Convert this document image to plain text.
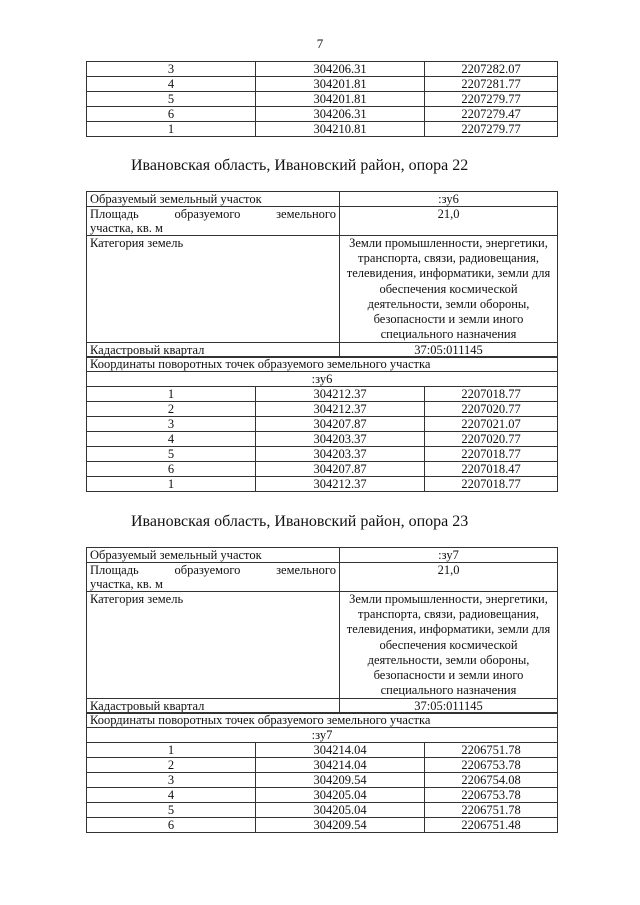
7
3	304206.31	2207282.07
4	304201.81	2207281.77
5	304201.81	2207279.77
6	304206.31	2207279.47
1	304210.81	2207279.77
Ивановская область, Ивановский район, опора 22
Образуемый земельный участок	:зу6

Площадь образуемого земельного
участка, кв. м	21,0
Категория земель	Земли промышленности, энергетики,
транспорта, связи, радиовещания,
телевидения, информатики, земли для
обеспечения космической
деятельности, земли обороны,
безопасности и земли иного
специального назначения

Кадастровый квартал	37:05:011145
Координаты поворотных точек образуемого земельного участка		
:зу6		
1	304212.37	2207018.77
2	304212.37	2207020.77
3	304207.87	2207021.07
4	304203.37	2207020.77
5	304203.37	2207018.77
6	304207.87	2207018.47
1	304212.37	2207018.77
Ивановская область, Ивановский район, опора 23
Образуемый земельный участок	:зу7

Площадь образуемого земельного
участка, кв. м	21,0
Категория земель	Земли промышленности, энергетики,
транспорта, связи, радиовещания,
телевидения, информатики, земли для
обеспечения космической
деятельности, земли обороны,
безопасности и земли иного
специального назначения

Кадастровый квартал	37:05:011145
Координаты поворотных точек образуемого земельного участка		
:зу7		
1	304214.04	2206751.78
2	304214.04	2206753.78
3	304209.54	2206754.08
4	304205.04	2206753.78
5	304205.04	2206751.78
6	304209.54	2206751.48
